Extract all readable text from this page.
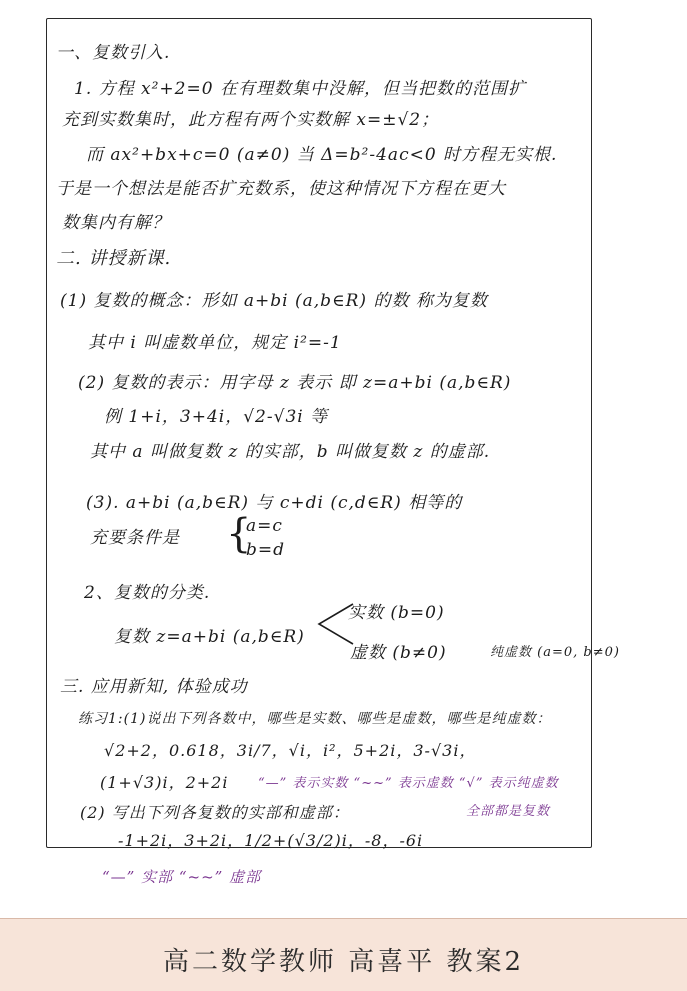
一、复数引入.
1. 方程 x²+2=0 在有理数集中没解，但当把数的范围扩
充到实数集时，此方程有两个实数解 x=±√2；
而 ax²+bx+c=0 (a≠0) 当 Δ=b²-4ac<0 时方程无实根.
于是一个想法是能否扩充数系，使这种情况下方程在更大
数集内有解？
二. 讲授新课.
(1) 复数的概念：形如 a+bi (a,b∈R) 的数 称为复数
其中 i 叫虚数单位，规定 i²=-1
(2) 复数的表示：用字母 z 表示 即 z=a+bi (a,b∈R)
例 1+i，3+4i，√2-√3i 等
其中 a 叫做复数 z 的实部，b 叫做复数 z 的虚部.
(3). a+bi (a,b∈R) 与 c+di (c,d∈R) 相等的
充要条件是 {
a=c
b=d
2、复数的分类.
复数 z=a+bi (a,b∈R)
实数 (b=0)
虚数 (b≠0)	纯虚数 (a=0, b≠0)
三. 应用新知, 体验成功
练习1:(1)说出下列各数中，哪些是实数、哪些是虚数，哪些是纯虚数：
√2+2，0.618，3i/7，√i，i²，5+2i，3-√3i，
(1+√3)i，2+2i “—” 表示实数 “~~” 表示虚数 “√” 表示纯虚数
全部都是复数
(2) 写出下列各复数的实部和虚部：
-1+2i，3+2i，1/2+(√3/2)i，-8，-6i
“—” 实部 “~~” 虚部
高二数学教师 高喜平 教案2
